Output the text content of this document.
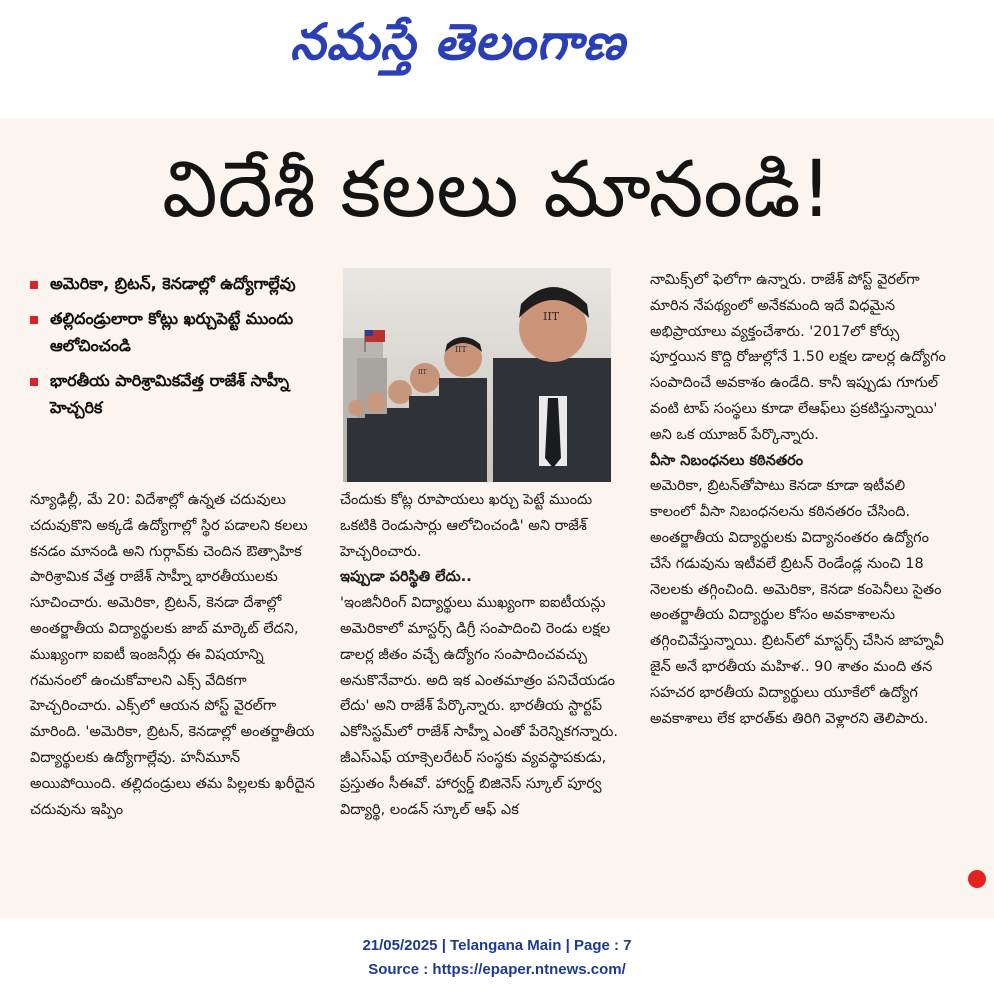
నమస్తే తెలంగాణ
విదేశీ కలలు మానండి!
అమెరికా, బ్రిటన్, కెనడాల్లో ఉద్యోగాల్లేవు
తల్లిదండ్రులారా కోట్లు ఖర్చుపెట్టే ముందు ఆలోచించండి
భారతీయ పారిశ్రామికవేత్త రాజేశ్ సాహ్నీ హెచ్చరిక
IIT
IIT
IIT

న్యూఢిల్లీ, మే 20: విదేశాల్లో ఉన్నత చదువులు చదువుకొని అక్కడే ఉద్యోగాల్లో స్థిర పడాలని కలలు కనడం మానండి అని గుర్గావ్‌కు చెందిన ఔత్సాహిక పారిశ్రామిక వేత్త రాజేశ్ సాహ్నీ భారతీయులకు సూచించారు. అమెరికా, బ్రిటన్, కెనడా దేశాల్లో అంతర్జాతీయ విద్యార్థులకు జాబ్ మార్కెట్ లేదని, ముఖ్యంగా ఐఐటీ ఇంజనీర్లు ఈ విషయాన్ని గమనంలో ఉంచుకోవాలని ఎక్స్ వేదికగా హెచ్చరించారు. ఎక్స్‌లో ఆయన పోస్ట్ వైరల్‌గా మారింది. 'అమెరికా, బ్రిటన్, కెనడాల్లో అంతర్జాతీయ విద్యార్థులకు ఉద్యోగాల్లేవు. హనీమూన్ అయిపోయింది. తల్లిదండ్రులు తమ పిల్లలకు ఖరీదైన చదువును ఇప్పిం

చేందుకు కోట్ల రూపాయలు ఖర్చు పెట్టే ముందు ఒకటికి రెండుసార్లు ఆలోచించండి' అని రాజేశ్ హెచ్చరించారు.

ఇప్పుడా పరిస్థితి లేదు..

'ఇంజినీరింగ్ విద్యార్థులు ముఖ్యంగా ఐఐటీయన్లు అమెరికాలో మాస్టర్స్ డిగ్రీ సంపాదించి రెండు లక్షల డాలర్ల జీతం వచ్చే ఉద్యోగం సంపాదించవచ్చు అనుకొనేవారు. అది ఇక ఎంతమాత్రం పనిచేయడం లేదు' అని రాజేశ్ పేర్కొన్నారు. భారతీయ స్టార్టప్ ఎకోసిస్టమ్‌లో రాజేశ్ సాహ్నీ ఎంతో పేరెన్నికగన్నారు. జీఎస్‌ఎఫ్ యాక్సెలరేటర్ సంస్థకు వ్యవస్థాపకుడు, ప్రస్తుతం సీఈవో. హార్వర్డ్ బిజినెస్ స్కూల్ పూర్వ విద్యార్థి, లండన్ స్కూల్ ఆఫ్ ఎక

నామిక్స్‌లో ఫెలోగా ఉన్నారు. రాజేశ్ పోస్ట్ వైరల్‌గా మారిన నేపథ్యంలో అనేకమంది ఇదే విధమైన అభిప్రాయాలు వ్యక్తంచేశారు. '2017లో కోర్సు పూర్తయిన కొద్ది రోజుల్లోనే 1.50 లక్షల డాలర్ల ఉద్యోగం సంపాదించే అవకాశం ఉండేది. కానీ ఇప్పుడు గూగుల్ వంటి టాప్ సంస్థలు కూడా లేఆఫ్‌లు ప్రకటిస్తున్నాయి' అని ఒక యూజర్ పేర్కొన్నారు.

వీసా నిబంధనలు కఠినతరం

అమెరికా, బ్రిటన్‌తోపాటు కెనడా కూడా ఇటీవలి కాలంలో వీసా నిబంధనలను కఠినతరం చేసింది. అంతర్జాతీయ విద్యార్థులకు విద్యానంతరం ఉద్యోగం చేసే గడువును ఇటీవలే బ్రిటన్ రెండేండ్ల నుంచి 18 నెలలకు తగ్గించింది. అమెరికా, కెనడా కంపెనీలు సైతం అంతర్జాతీయ విద్యార్థుల కోసం అవకాశాలను తగ్గించివేస్తున్నాయి. బ్రిటన్‌లో మాస్టర్స్ చేసిన జాహ్నవీ జైన్ అనే భారతీయ మహిళ.. 90 శాతం మంది తన సహచర భారతీయ విద్యార్థులు యూకేలో ఉద్యోగ అవకాశాలు లేక భారత్‌కు తిరిగి వెళ్లారని తెలిపారు.

21/05/2025 | Telangana Main | Page : 7
Source : https://epaper.ntnews.com/
